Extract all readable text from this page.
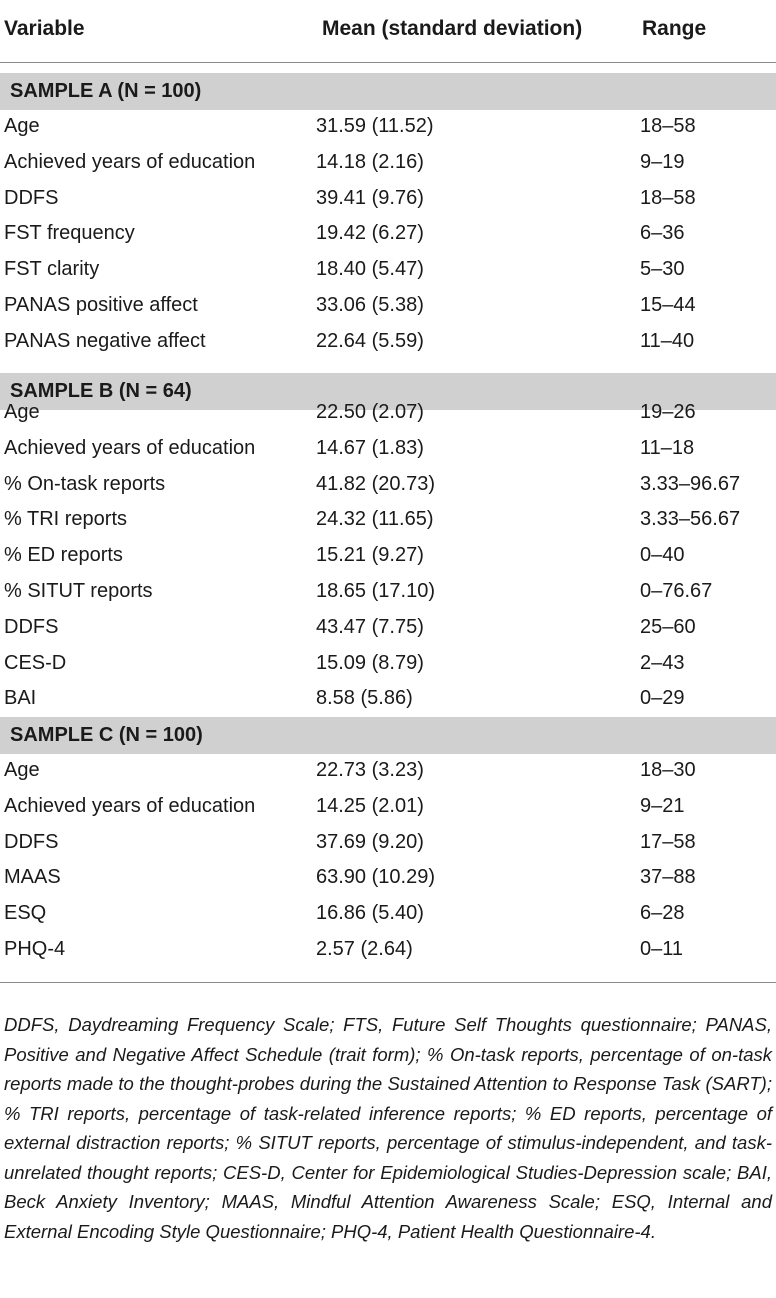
Variable	Mean (standard deviation)	Range
SAMPLE A (N = 100)
Age	31.59 (11.52)	18–58
Achieved years of education	14.18 (2.16)	9–19
DDFS	39.41 (9.76)	18–58
FST frequency	19.42 (6.27)	6–36
FST clarity	18.40 (5.47)	5–30
PANAS positive affect	33.06 (5.38)	15–44
PANAS negative affect	22.64 (5.59)	11–40
SAMPLE B (N = 64)
Age	22.50 (2.07)	19–26
Achieved years of education	14.67 (1.83)	11–18
% On-task reports	41.82 (20.73)	3.33–96.67
% TRI reports	24.32 (11.65)	3.33–56.67
% ED reports	15.21 (9.27)	0–40
% SITUT reports	18.65 (17.10)	0–76.67
DDFS	43.47 (7.75)	25–60
CES-D	15.09 (8.79)	2–43
BAI	8.58 (5.86)	0–29
SAMPLE C (N = 100)
Age	22.73 (3.23)	18–30
Achieved years of education	14.25 (2.01)	9–21
DDFS	37.69 (9.20)	17–58
MAAS	63.90 (10.29)	37–88
ESQ	16.86 (5.40)	6–28
PHQ-4	2.57 (2.64)	0–11
DDFS, Daydreaming Frequency Scale; FTS, Future Self Thoughts questionnaire; PANAS, Positive and Negative Affect Schedule (trait form); % On-task reports, percentage of on-task reports made to the thought-probes during the Sustained Attention to Response Task (SART); % TRI reports, percentage of task-related inference reports; % ED reports, percentage of external distraction reports; % SITUT reports, percentage of stimulus-independent, and task-unrelated thought reports; CES-D, Center for Epidemiological Studies-Depression scale; BAI, Beck Anxiety Inventory; MAAS, Mindful Attention Awareness Scale; ESQ, Internal and External Encoding Style Questionnaire; PHQ-4, Patient Health Questionnaire-4.
